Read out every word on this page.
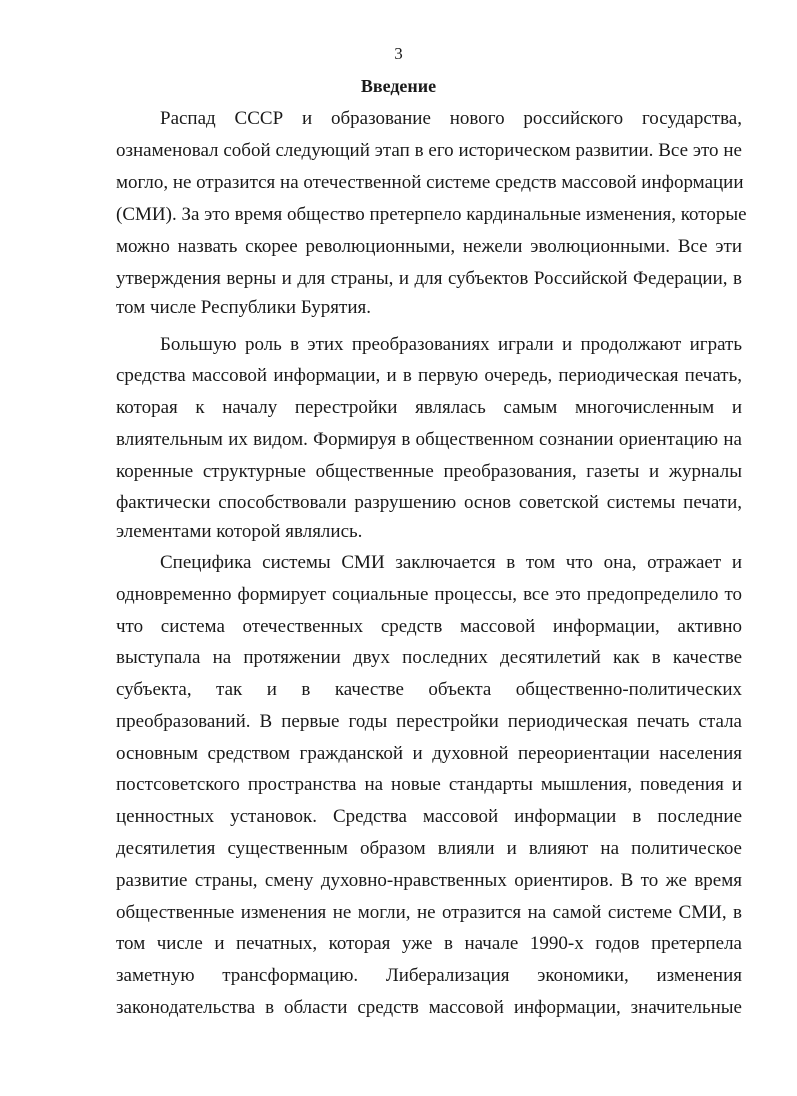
3
Введение
Распад СССР и образование нового российского государства,
ознаменовал собой следующий этап в его историческом развитии. Все это не
могло, не отразится на отечественной системе средств массовой информации
(СМИ). За это время общество претерпело кардинальные изменения, которые
можно назвать скорее революционными, нежели эволюционными. Все эти
утверждения верны и для страны, и для субъектов Российской Федерации, в
том числе Республики Бурятия.
Большую роль в этих преобразованиях играли и продолжают играть
средства массовой информации, и в первую очередь, периодическая печать,
которая к началу перестройки являлась самым многочисленным и
влиятельным их видом. Формируя в общественном сознании ориентацию на
коренные структурные общественные преобразования, газеты и журналы
фактически способствовали разрушению основ советской системы печати,
элементами которой являлись.
Специфика системы СМИ заключается в том что она, отражает и
одновременно формирует социальные процессы, все это предопределило то
что система отечественных средств массовой информации, активно
выступала на протяжении двух последних десятилетий как в качестве
субъекта, так и в качестве объекта общественно-политических
преобразований. В первые годы перестройки периодическая печать стала
основным средством гражданской и духовной переориентации населения
постсоветского пространства на новые стандарты мышления, поведения и
ценностных установок. Средства массовой информации в последние
десятилетия существенным образом влияли и влияют на политическое
развитие страны, смену духовно-нравственных ориентиров. В то же время
общественные изменения не могли, не отразится на самой системе СМИ, в
том числе и печатных, которая уже в начале 1990-х годов претерпела
заметную трансформацию. Либерализация экономики, изменения
законодательства в области средств массовой информации, значительные
